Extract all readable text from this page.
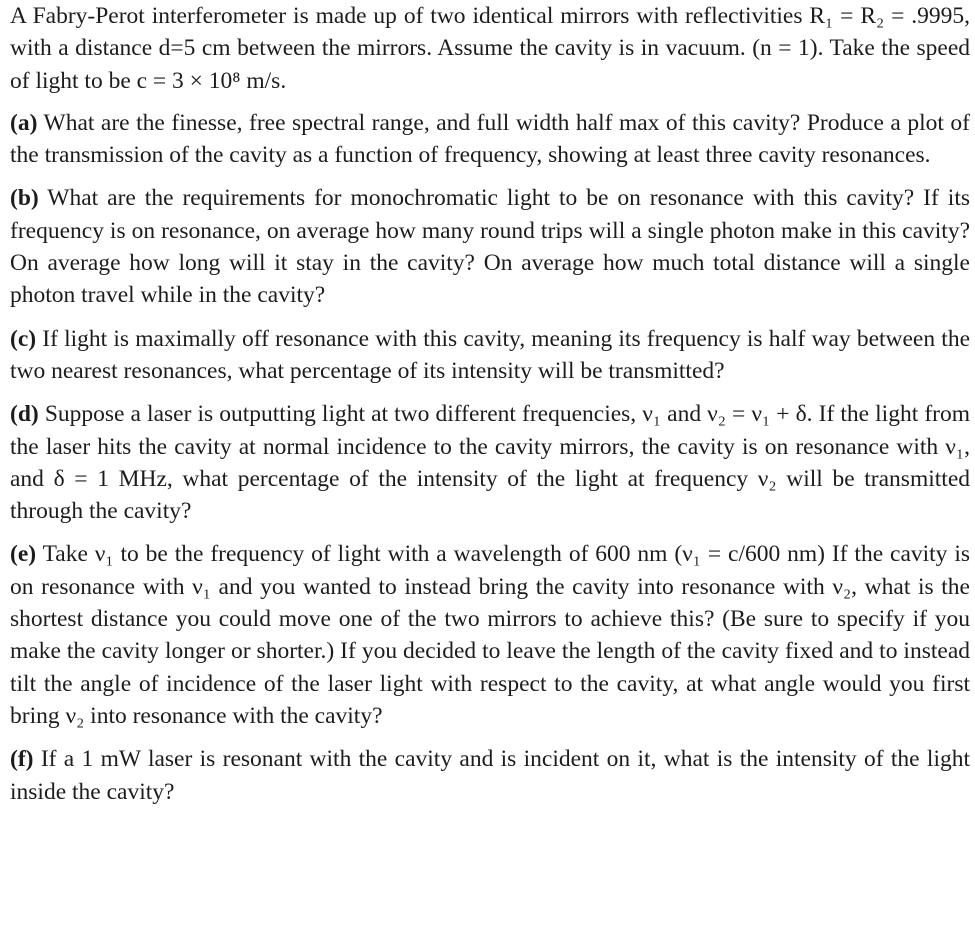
A Fabry-Perot interferometer is made up of two identical mirrors with reflectivities R₁ = R₂ = .9995, with a distance d=5 cm between the mirrors. Assume the cavity is in vacuum. (n = 1). Take the speed of light to be c = 3 × 10⁸ m/s.

(a) What are the finesse, free spectral range, and full width half max of this cavity? Produce a plot of the transmission of the cavity as a function of frequency, showing at least three cavity resonances.

(b) What are the requirements for monochromatic light to be on resonance with this cavity? If its frequency is on resonance, on average how many round trips will a single photon make in this cavity? On average how long will it stay in the cavity? On average how much total distance will a single photon travel while in the cavity?

(c) If light is maximally off resonance with this cavity, meaning its frequency is half way between the two nearest resonances, what percentage of its intensity will be transmitted?

(d) Suppose a laser is outputting light at two different frequencies, ν₁ and ν₂ = ν₁ + δ. If the light from the laser hits the cavity at normal incidence to the cavity mirrors, the cavity is on resonance with ν₁, and δ = 1 MHz, what percentage of the intensity of the light at frequency ν₂ will be transmitted through the cavity?

(e) Take ν₁ to be the frequency of light with a wavelength of 600 nm (ν₁ = c/600 nm) If the cavity is on resonance with ν₁ and you wanted to instead bring the cavity into resonance with ν₂, what is the shortest distance you could move one of the two mirrors to achieve this? (Be sure to specify if you make the cavity longer or shorter.) If you decided to leave the length of the cavity fixed and to instead tilt the angle of incidence of the laser light with respect to the cavity, at what angle would you first bring ν₂ into resonance with the cavity?

(f) If a 1 mW laser is resonant with the cavity and is incident on it, what is the intensity of the light inside the cavity?
